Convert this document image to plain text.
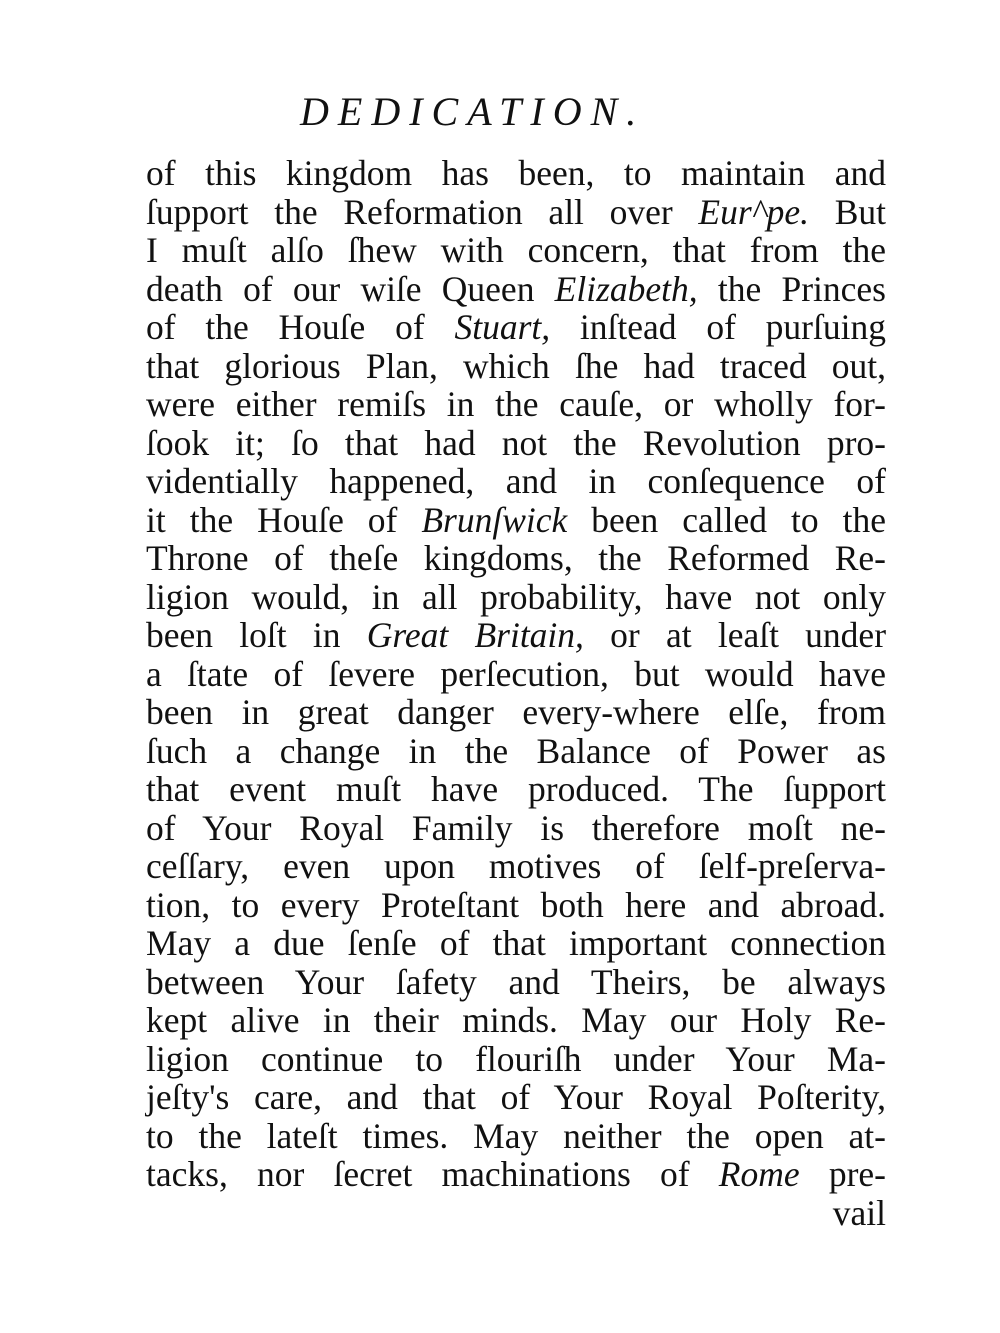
DEDICATION.
of this kingdom has been, to maintain and
ſupport the Reformation all over Eur^pe. But
I muſt alſo ſhew with concern, that from the
death of our wiſe Queen Elizabeth, the Princes
of the Houſe of Stuart, inſtead of purſuing
that glorious Plan, which ſhe had traced out,
were either remiſs in the cauſe, or wholly for-
ſook it; ſo that had not the Revolution pro-
videntially happened, and in conſequence of
it the Houſe of Brunſwick been called to the
Throne of theſe kingdoms, the Reformed Re-
ligion would, in all probability, have not only
been loſt in Great Britain, or at leaſt under
a ſtate of ſevere perſecution, but would have
been in great danger every-where elſe, from
ſuch a change in the Balance of Power as
that event muſt have produced. The ſupport
of Your Royal Family is therefore moſt ne-
ceſſary, even upon motives of ſelf-preſerva-
tion, to every Proteſtant both here and abroad.
May a due ſenſe of that important connection
between Your ſafety and Theirs, be always
kept alive in their minds. May our Holy Re-
ligion continue to flouriſh under Your Ma-
jeſty's care, and that of Your Royal Poſterity,
to the lateſt times. May neither the open at-
tacks, nor ſecret machinations of Rome pre-
vail
